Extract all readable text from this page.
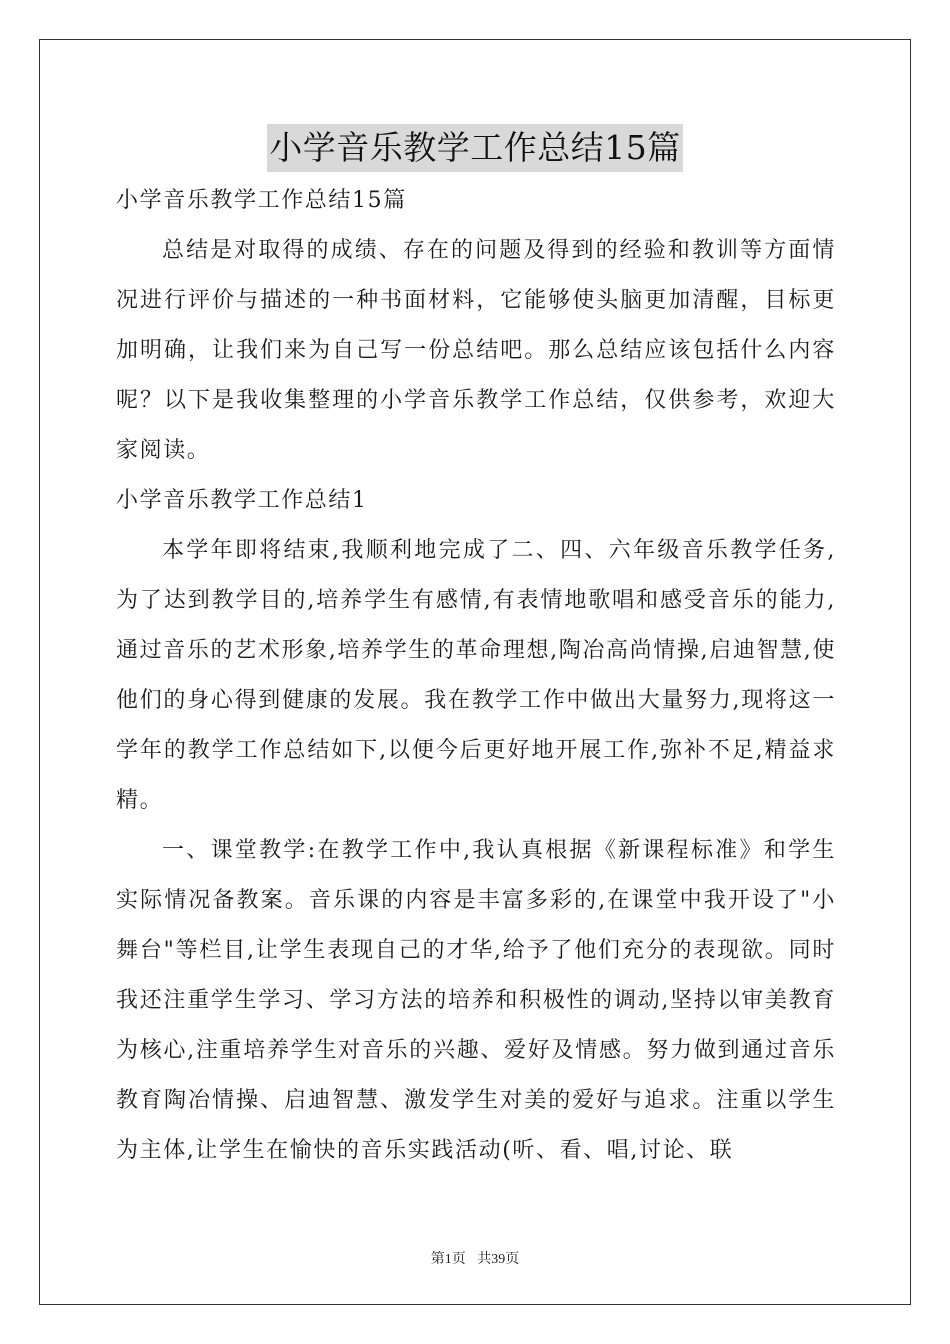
小学音乐教学工作总结15篇

小学音乐教学工作总结15篇

总结是对取得的成绩、存在的问题及得到的经验和教训等方面情况进行评价与描述的一种书面材料，它能够使头脑更加清醒，目标更加明确，让我们来为自己写一份总结吧。那么总结应该包括什么内容呢？以下是我收集整理的小学音乐教学工作总结，仅供参考，欢迎大家阅读。

小学音乐教学工作总结1

本学年即将结束,我顺利地完成了二、四、六年级音乐教学任务,为了达到教学目的,培养学生有感情,有表情地歌唱和感受音乐的能力,通过音乐的艺术形象,培养学生的革命理想,陶冶高尚情操,启迪智慧,使他们的身心得到健康的发展。我在教学工作中做出大量努力,现将这一学年的教学工作总结如下,以便今后更好地开展工作,弥补不足,精益求精。

一、课堂教学:在教学工作中,我认真根据《新课程标准》和学生实际情况备教案。音乐课的内容是丰富多彩的,在课堂中我开设了"小舞台"等栏目,让学生表现自己的才华,给予了他们充分的表现欲。同时我还注重学生学习、学习方法的培养和积极性的调动,坚持以审美教育为核心,注重培养学生对音乐的兴趣、爱好及情感。努力做到通过音乐教育陶冶情操、启迪智慧、激发学生对美的爱好与追求。注重以学生为主体,让学生在愉快的音乐实践活动(听、看、唱,讨论、联

第1页 共39页
